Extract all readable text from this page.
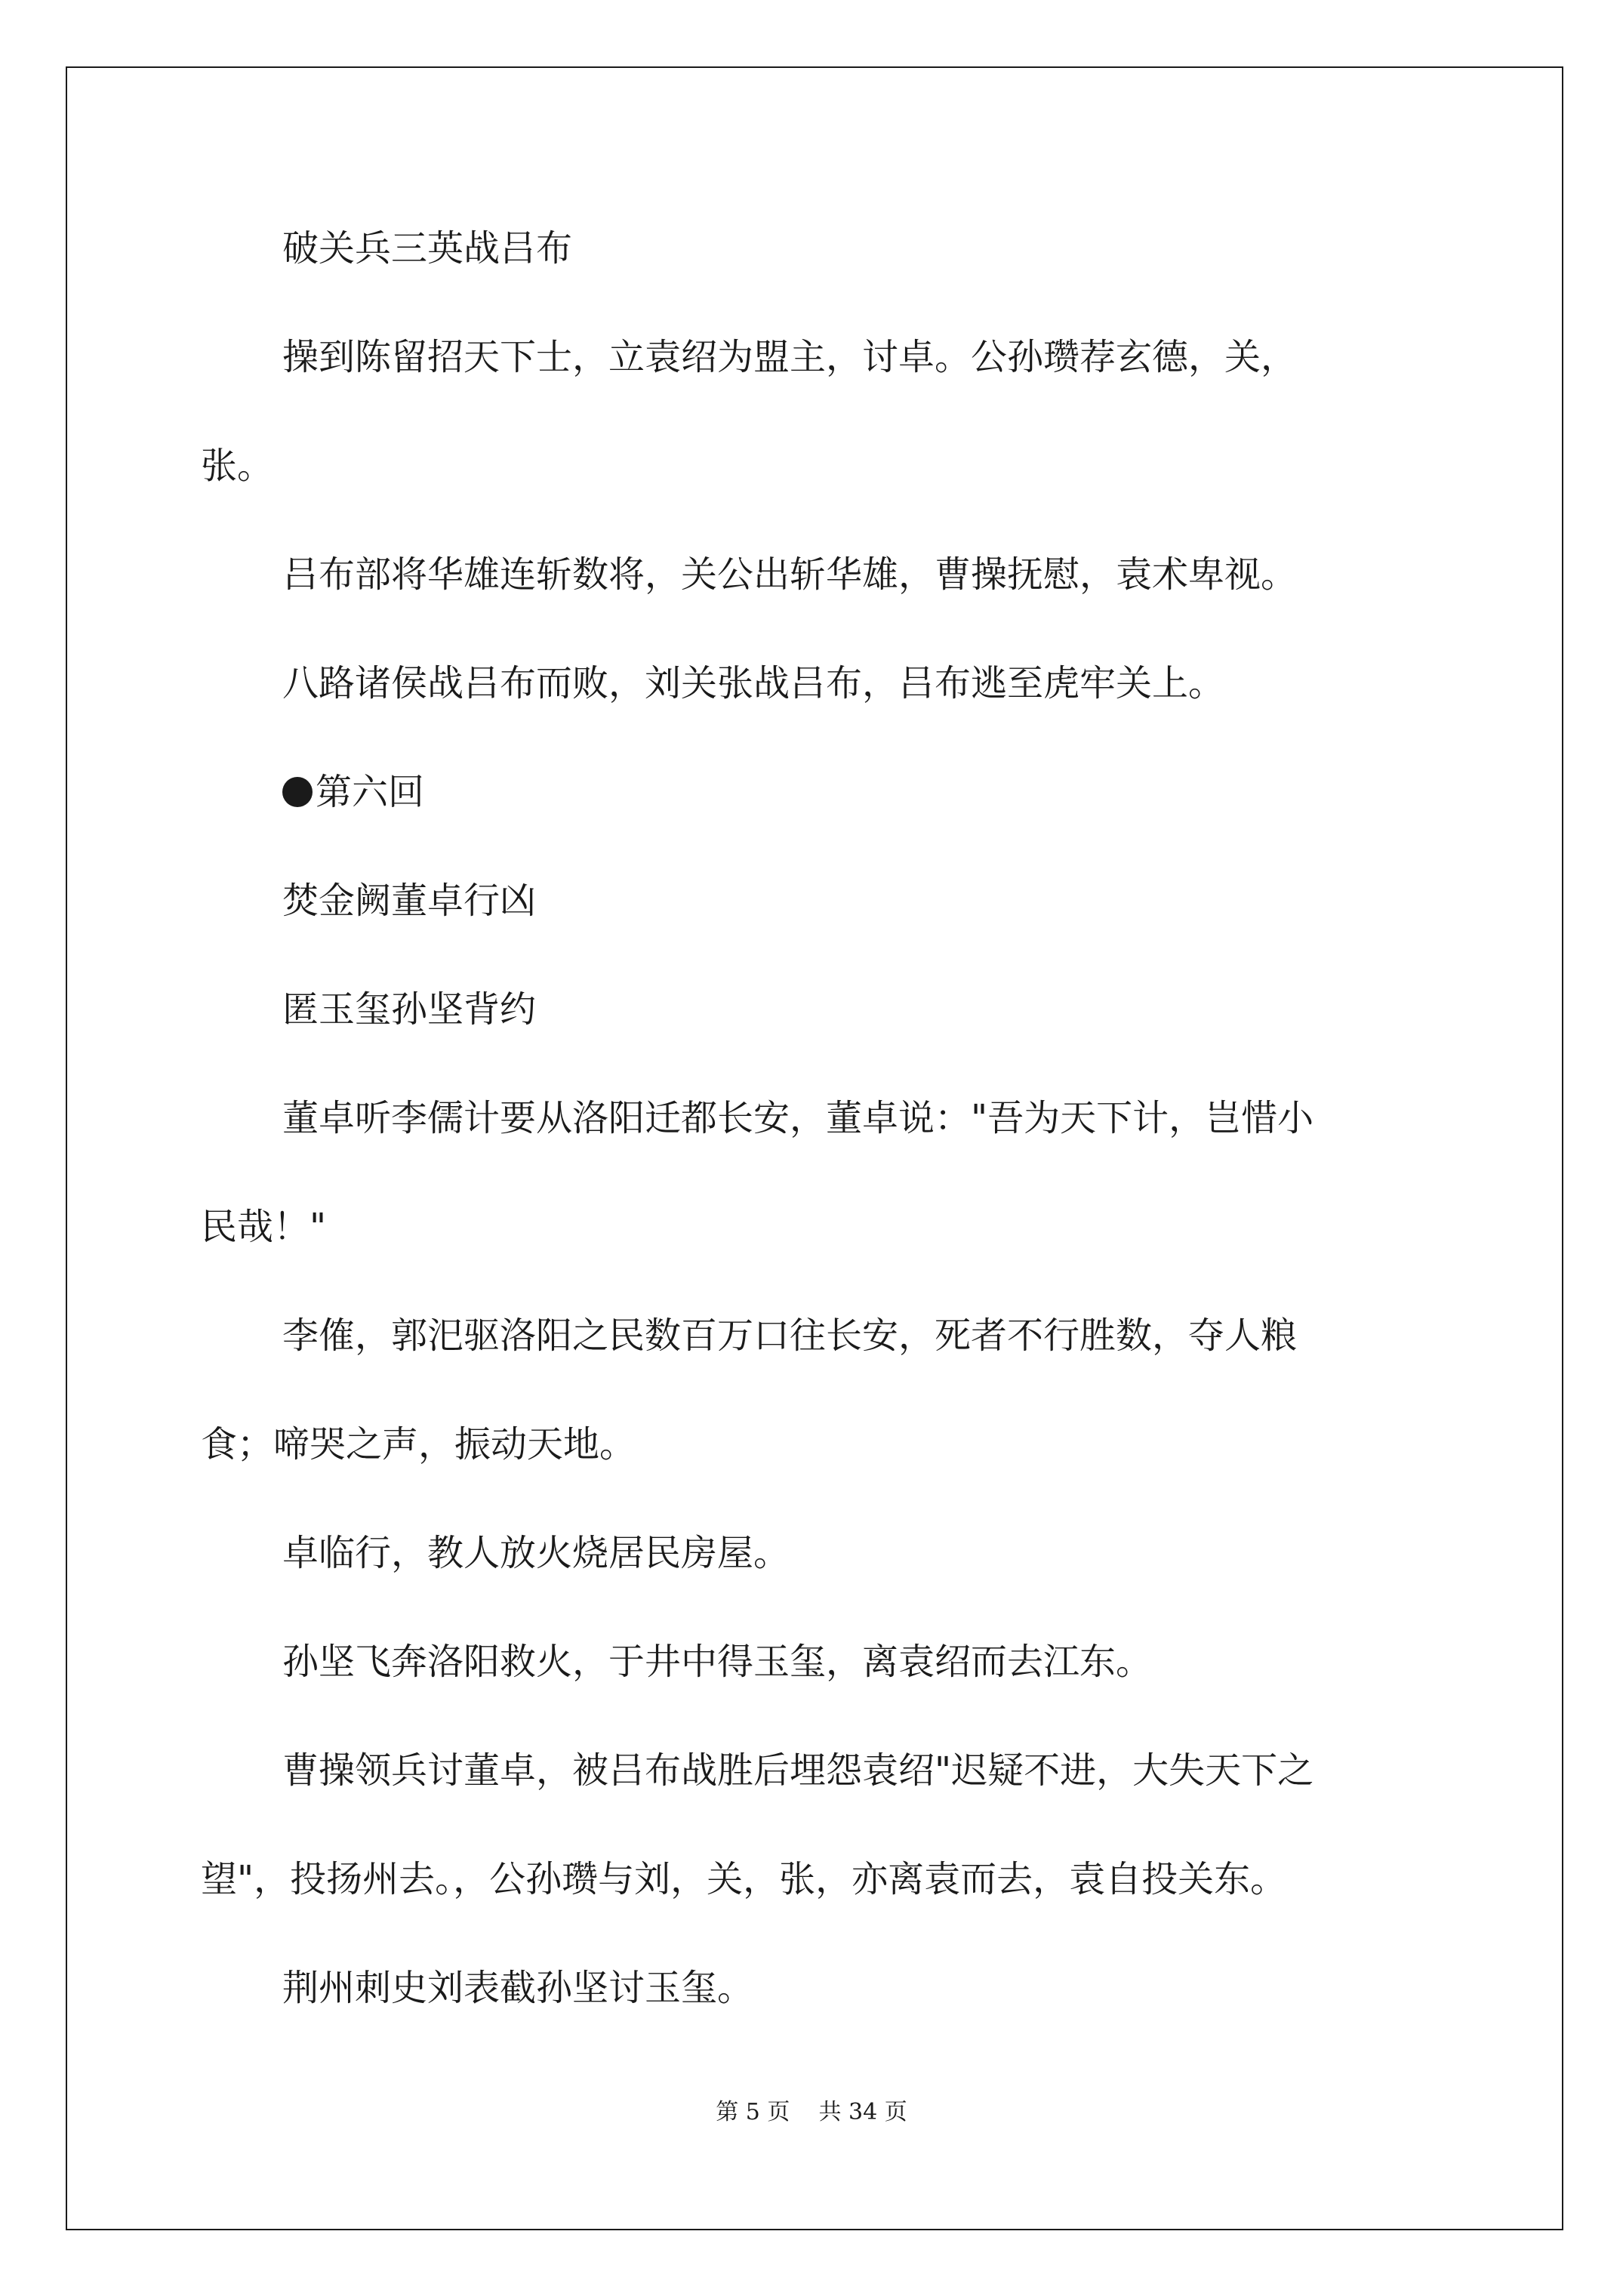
破关兵三英战吕布

操到陈留招天下士，立袁绍为盟主，讨卓。公孙瓒荐玄德，关，

张。

吕布部将华雄连斩数将，关公出斩华雄，曹操抚慰，袁术卑视。

八路诸侯战吕布而败，刘关张战吕布，吕布逃至虎牢关上。

第六回

焚金阙董卓行凶

匿玉玺孙坚背约

董卓听李儒计要从洛阳迁都长安，董卓说："吾为天下计，岂惜小

民哉！"

李傕，郭汜驱洛阳之民数百万口往长安，死者不行胜数，夺人粮

食；啼哭之声，振动天地。

卓临行，教人放火烧居民房屋。

孙坚飞奔洛阳救火，于井中得玉玺，离袁绍而去江东。

曹操领兵讨董卓，被吕布战胜后埋怨袁绍"迟疑不进，大失天下之

望"，投扬州去。，公孙瓒与刘，关，张，亦离袁而去，袁自投关东。

荆州刺史刘表截孙坚讨玉玺。

第 5 页    共 34 页
